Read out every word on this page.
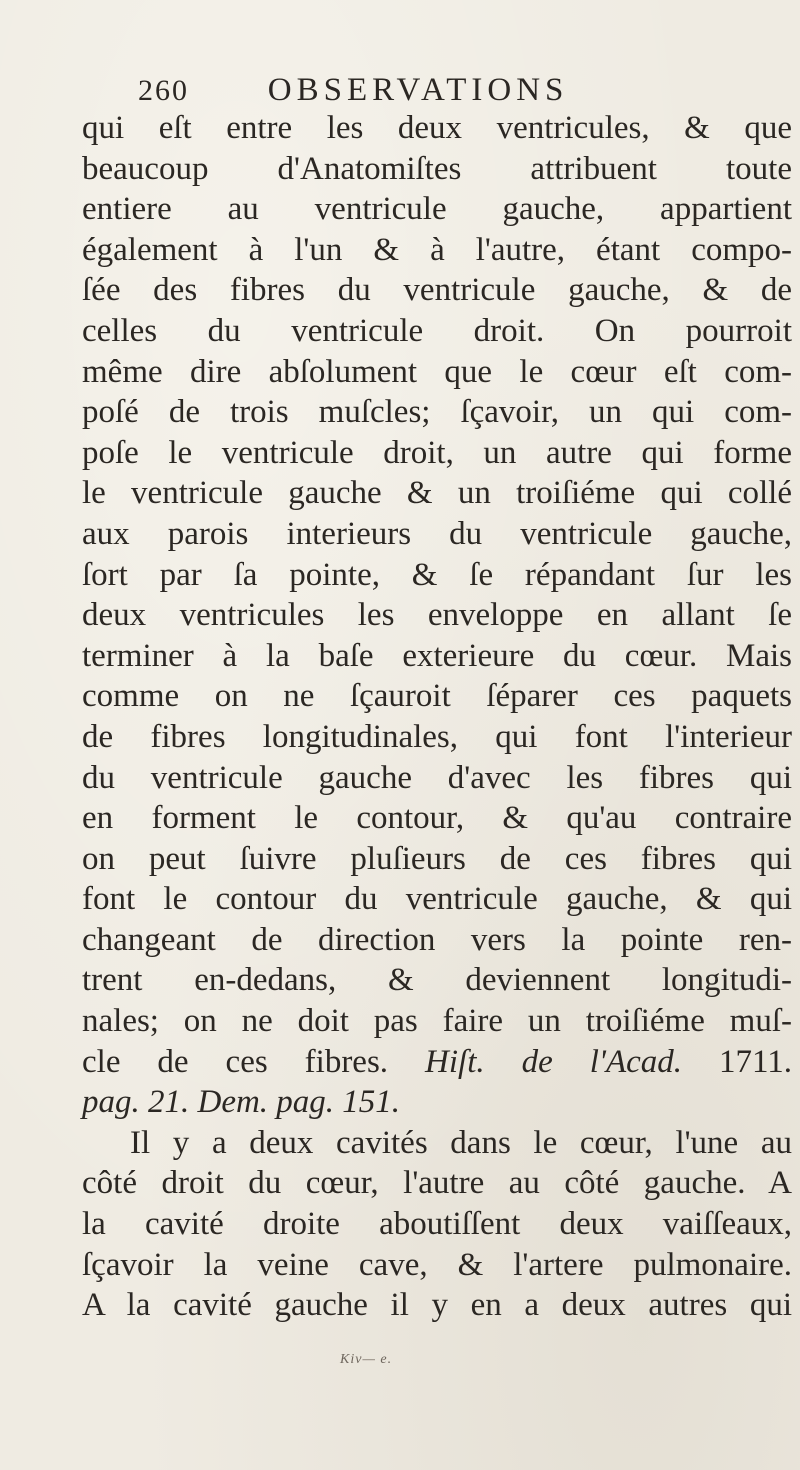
260 OBSERVATIONS
qui eſt entre les deux ventricules, & que
beaucoup d'Anatomiſtes attribuent toute
entiere au ventricule gauche, appartient
également à l'un & à l'autre, étant compo-
ſée des fibres du ventricule gauche, & de
celles du ventricule droit. On pourroit
même dire abſolument que le cœur eſt com-
poſé de trois muſcles; ſçavoir, un qui com-
poſe le ventricule droit, un autre qui forme
le ventricule gauche & un troiſiéme qui collé
aux parois interieurs du ventricule gauche,
ſort par ſa pointe, & ſe répandant ſur les
deux ventricules les enveloppe en allant ſe
terminer à la baſe exterieure du cœur. Mais
comme on ne ſçauroit ſéparer ces paquets
de fibres longitudinales, qui font l'interieur
du ventricule gauche d'avec les fibres qui
en forment le contour, & qu'au contraire
on peut ſuivre pluſieurs de ces fibres qui
font le contour du ventricule gauche, & qui
changeant de direction vers la pointe ren-
trent en-dedans, & deviennent longitudi-
nales; on ne doit pas faire un troiſiéme muſ-
cle de ces fibres. Hiſt. de l'Acad. 1711.
pag. 21. Dem. pag. 151.
Il y a deux cavités dans le cœur, l'une au
côté droit du cœur, l'autre au côté gauche. A
la cavité droite aboutiſſent deux vaiſſeaux,
ſçavoir la veine cave, & l'artere pulmonaire.
A la cavité gauche il y en a deux autres qui
Kiv— e.
